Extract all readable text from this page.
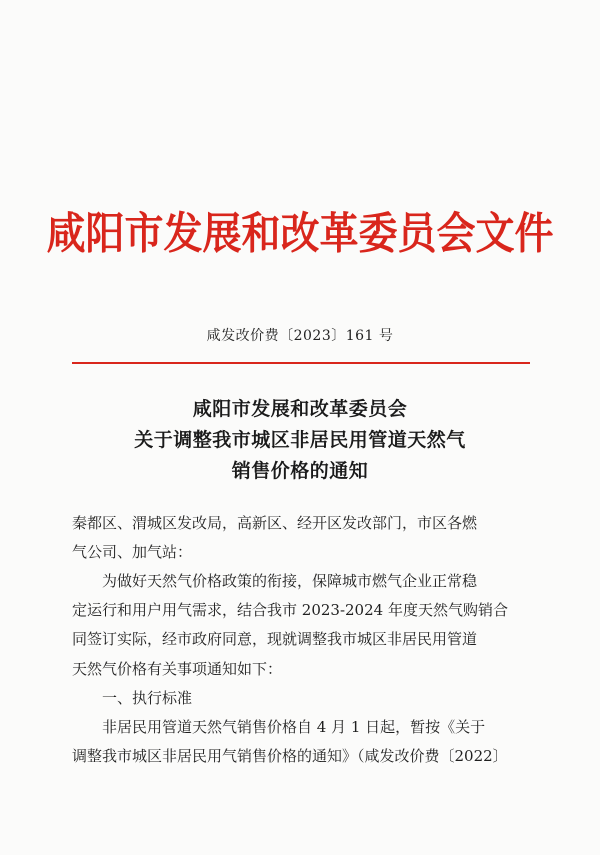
咸阳市发展和改革委员会文件
咸发改价费〔2023〕161 号
咸阳市发展和改革委员会
关于调整我市城区非居民用管道天然气
销售价格的通知
秦都区、渭城区发改局，高新区、经开区发改部门，市区各燃
气公司、加气站：
为做好天然气价格政策的衔接，保障城市燃气企业正常稳
定运行和用户用气需求，结合我市 2023-2024 年度天然气购销合
同签订实际，经市政府同意，现就调整我市城区非居民用管道
天然气价格有关事项通知如下：
一、执行标准
非居民用管道天然气销售价格自 4 月 1 日起，暂按《关于
调整我市城区非居民用气销售价格的通知》（咸发改价费〔2022〕
